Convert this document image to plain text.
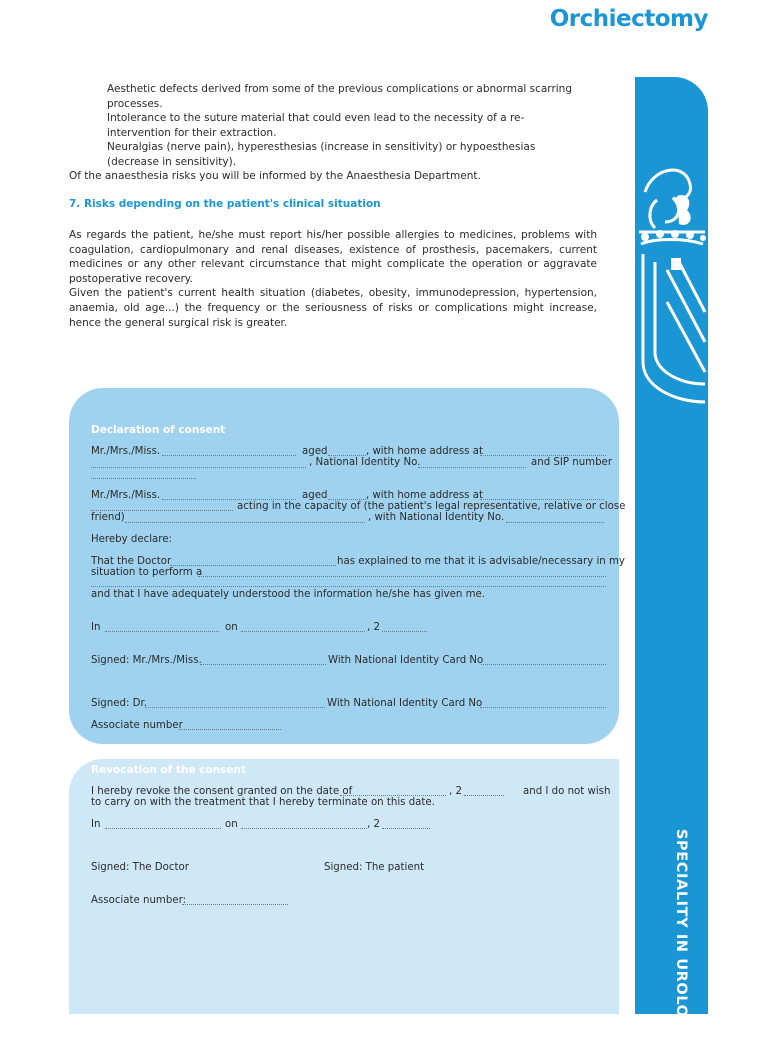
Orchiectomy
SPECIALITY IN UROLOGY

Aesthetic defects derived from some of the previous complications or abnormal scarring processes.

Intolerance to the suture material that could even lead to the necessity of a re-intervention for their extraction.

Neuralgias (nerve pain), hyperesthesias (increase in sensitivity) or hypoesthesias (decrease in sensitivity).

Of the anaesthesia risks you will be informed by the Anaesthesia Department.
7. Risks depending on the patient's clinical situation

As regards the patient, he/she must report his/her possible allergies to medicines, problems with coagulation, cardiopulmonary and renal diseases, existence of prosthesis, pacemakers, current medicines or any other relevant circumstance that might complicate the operation or aggravate postoperative recovery.

Given the patient's current health situation (diabetes, obesity, immunodepression, hypertension, anaemia, old age...) the frequency or the seriousness of risks or complications might increase, hence the general surgical risk is greater.

Declaration of consent
Mr./Mrs./Miss.	aged	, with home address at
, National Identity No.	and SIP number
Mr./Mrs./Miss.	aged	, with home address at
acting in the capacity of (the patient's legal representative, relative or close
friend)	, with National Identity No.
Hereby declare:
That the Doctor	has explained to me that it is advisable/necessary in my
situation to perform a
and that I have adequately understood the information he/she has given me.
In	on	, 2
Signed: Mr./Mrs./Miss.	With National Identity Card No
Signed: Dr.	With National Identity Card No
Associate number
Revocation of the consent
I hereby revoke the consent granted on the date of	, 2	and I do not wish
to carry on with the treatment that I hereby terminate on this date.
In	on	, 2
Signed: The Doctor	Signed: The patient
Associate number:
